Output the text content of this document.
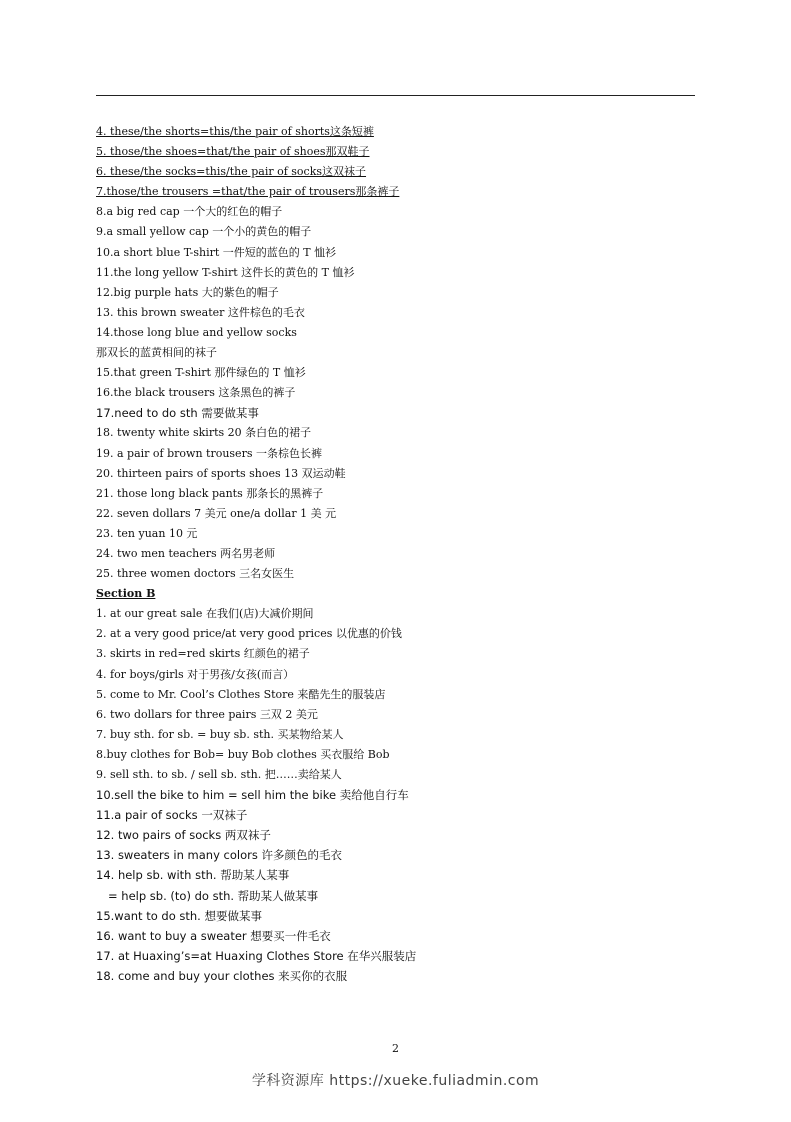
4. these/the shorts=this/the pair of shorts这条短裤
5. those/the shoes=that/the pair of shoes那双鞋子
6. these/the socks=this/the pair of socks这双袜子
7.those/the trousers =that/the pair of trousers那条裤子
8.a big red cap 一个大的红色的帽子
9.a small yellow cap 一个小的黄色的帽子
10.a short blue T-shirt 一件短的蓝色的 T 恤衫
11.the long yellow T-shirt 这件长的黄色的 T 恤衫
12.big purple hats 大的紫色的帽子
13. this brown sweater 这件棕色的毛衣
14.those long blue and yellow socks
那双长的蓝黄相间的袜子
15.that green T-shirt 那件绿色的 T 恤衫
16.the black trousers 这条黑色的裤子
17.need to do sth 需要做某事
18. twenty white skirts 20 条白色的裙子
19. a pair of brown trousers 一条棕色长裤
20. thirteen pairs of sports shoes 13 双运动鞋
21. those long black pants 那条长的黑裤子
22. seven dollars 7 美元 one/a dollar 1 美 元
23. ten yuan 10 元
24. two men teachers 两名男老师
25. three women doctors 三名女医生
Section B
1. at our great sale 在我们(店)大减价期间
2. at a very good price/at very good prices 以优惠的价钱
3. skirts in red=red skirts 红颜色的裙子
4. for boys/girls 对于男孩/女孩(而言）
5. come to Mr. Cool’s Clothes Store 来酷先生的服装店
6. two dollars for three pairs 三双 2 美元
7. buy sth. for sb. = buy sb. sth. 买某物给某人
8.buy clothes for Bob= buy Bob clothes 买衣服给 Bob
9. sell sth. to sb. / sell sb. sth. 把……卖给某人
10.sell the bike to him = sell him the bike 卖给他自行车
11.a pair of socks 一双袜子
12. two pairs of socks 两双袜子
13. sweaters in many colors 许多颜色的毛衣
14. help sb. with sth. 帮助某人某事
= help sb. (to) do sth. 帮助某人做某事
15.want to do sth. 想要做某事
16. want to buy a sweater 想要买一件毛衣
17. at Huaxing’s=at Huaxing Clothes Store 在华兴服装店
18. come and buy your clothes 来买你的衣服
2
学科资源库 https://xueke.fuliadmin.com
